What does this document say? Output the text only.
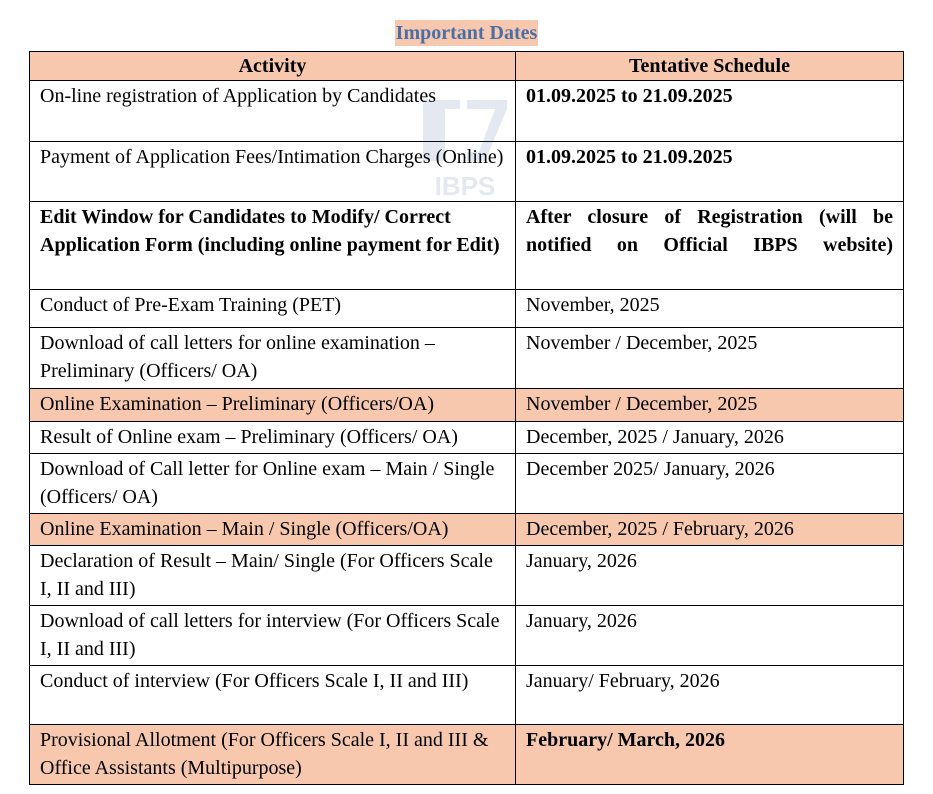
Important Dates
Activity	Tentative Schedule
On-line registration of Application by Candidates	01.09.2025 to 21.09.2025
Payment of Application Fees/Intimation Charges (Online)	01.09.2025 to 21.09.2025
Edit Window for Candidates to Modify/ Correct Application Form (including online payment for Edit)	After closure of Registration (will be notified on Official IBPS website)
Conduct of Pre-Exam Training (PET)	November, 2025
Download of call letters for online examination – Preliminary (Officers/ OA)	November / December, 2025
Online Examination – Preliminary (Officers/OA)	November / December, 2025
Result of Online exam – Preliminary (Officers/ OA)	December, 2025 / January, 2026
Download of Call letter for Online exam – Main / Single (Officers/ OA)	December 2025/ January, 2026
Online Examination – Main / Single (Officers/OA)	December, 2025 / February, 2026
Declaration of Result – Main/ Single (For Officers Scale I, II and III)	January, 2026
Download of call letters for interview (For Officers Scale I, II and III)	January, 2026
Conduct of interview (For Officers Scale I, II and III)	January/ February, 2026
Provisional Allotment (For Officers Scale I, II and III & Office Assistants (Multipurpose)	February/ March, 2026
IBPS
